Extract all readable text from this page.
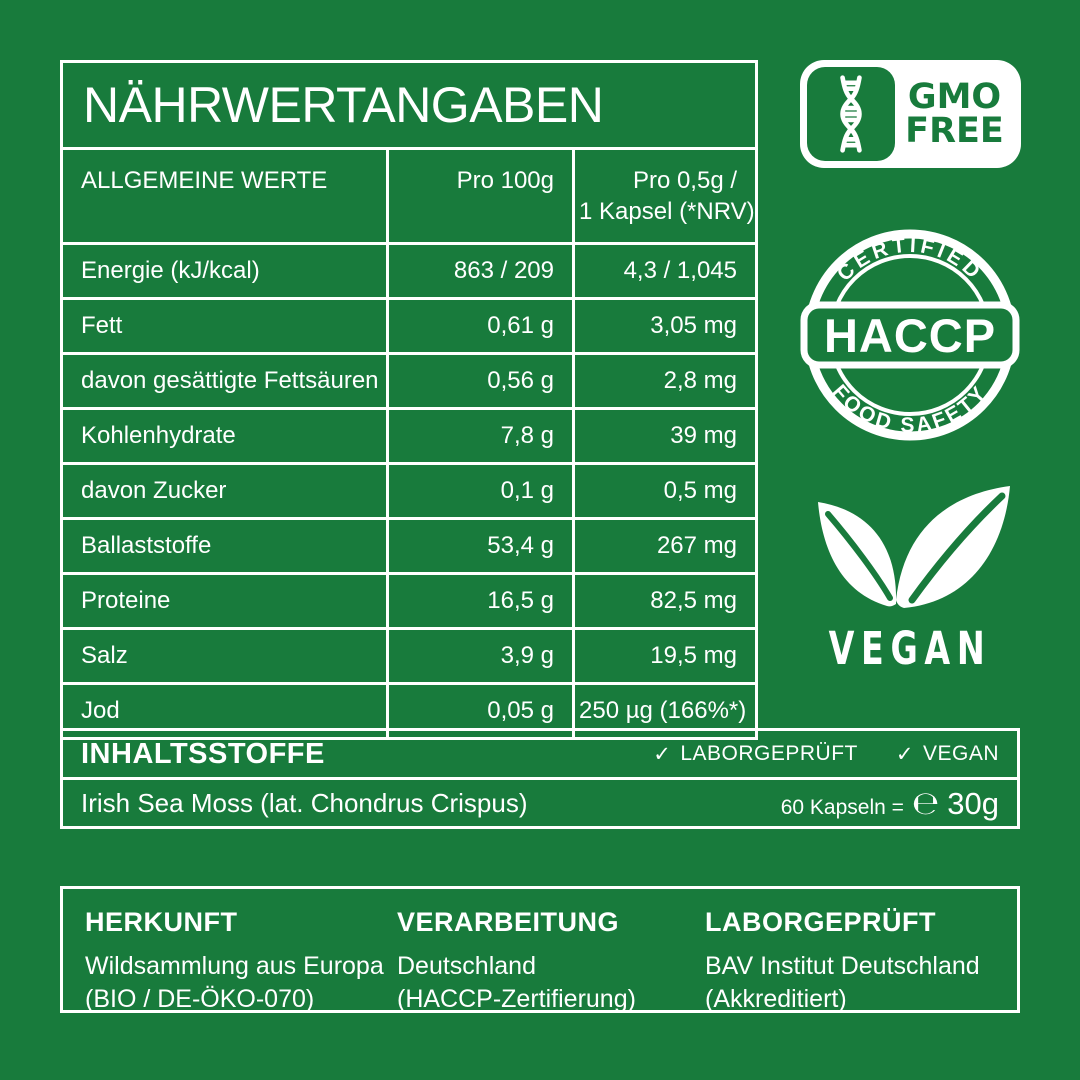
NÄHRWERTANGABEN		
ALLGEMEINE WERTE	Pro 100g	Pro 0,5g /
1 Kapsel (*NRV)
Energie (kJ/kcal)	863 / 209	4,3 / 1,045
Fett	0,61 g	3,05 mg
davon gesättigte Fettsäuren	0,56 g	2,8 mg
Kohlenhydrate	7,8 g	39 mg
davon Zucker	0,1 g	0,5 mg
Ballaststoffe	53,4 g	267 mg
Proteine	16,5 g	82,5 mg
Salz	3,9 g	19,5 mg
Jod	0,05 g	250 µg (166%*)
GMO
FREE
CERTIFIED
FOOD SAFETY
HACCP
VEGAN
INHALTSSTOFFE	✓ LABORGEPRÜFT ✓ VEGAN
Irish Sea Moss (lat. Chondrus Crispus)	60 Kapseln = ℮ 30g
HERKUNFT
Wildsammlung aus Europa
(BIO / DE-ÖKO-070)
VERARBEITUNG
Deutschland
(HACCP-Zertifierung)
LABORGEPRÜFT
BAV Institut Deutschland
(Akkreditiert)
